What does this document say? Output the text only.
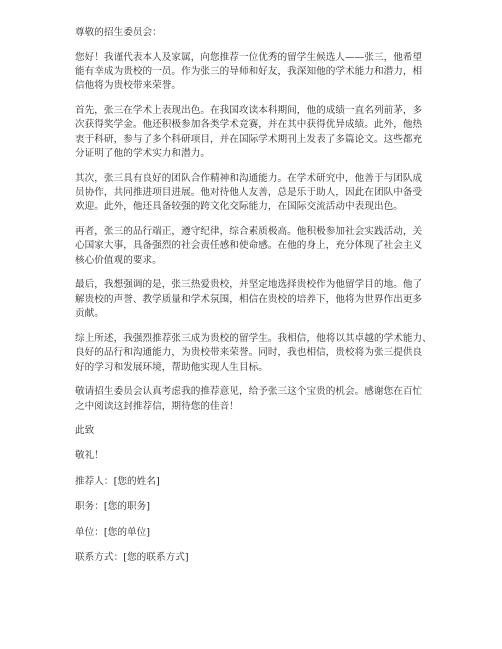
尊敬的招生委员会：
您好！我谨代表本人及家属，向您推荐一位优秀的留学生候选人——张三，他希望
能有幸成为贵校的一员。作为张三的导师和好友，我深知他的学术能力和潜力，相
信他将为贵校带来荣誉。
首先，张三在学术上表现出色。在我国攻读本科期间，他的成绩一直名列前茅，多
次获得奖学金。他还积极参加各类学术竞赛，并在其中获得优异成绩。此外，他热
衷于科研，参与了多个科研项目，并在国际学术期刊上发表了多篇论文。这些都充
分证明了他的学术实力和潜力。
其次，张三具有良好的团队合作精神和沟通能力。在学术研究中，他善于与团队成
员协作，共同推进项目进展。他对待他人友善，总是乐于助人，因此在团队中备受
欢迎。此外，他还具备较强的跨文化交际能力，在国际交流活动中表现出色。
再者，张三的品行端正，遵守纪律，综合素质极高。他积极参加社会实践活动，关
心国家大事，具备强烈的社会责任感和使命感。在他的身上，充分体现了社会主义
核心价值观的要求。
最后，我想强调的是，张三热爱贵校，并坚定地选择贵校作为他留学目的地。他了
解贵校的声誉、教学质量和学术氛围，相信在贵校的培养下，他将为世界作出更多
贡献。
综上所述，我强烈推荐张三成为贵校的留学生。我相信，他将以其卓越的学术能力、
良好的品行和沟通能力，为贵校带来荣誉。同时，我也相信，贵校将为张三提供良
好的学习和发展环境，帮助他实现人生目标。
敬请招生委员会认真考虑我的推荐意见，给予张三这个宝贵的机会。感谢您在百忙
之中阅读这封推荐信，期待您的佳音！
此致
敬礼！
推荐人：[您的姓名]
职务：[您的职务]
单位：[您的单位]
联系方式：[您的联系方式]
